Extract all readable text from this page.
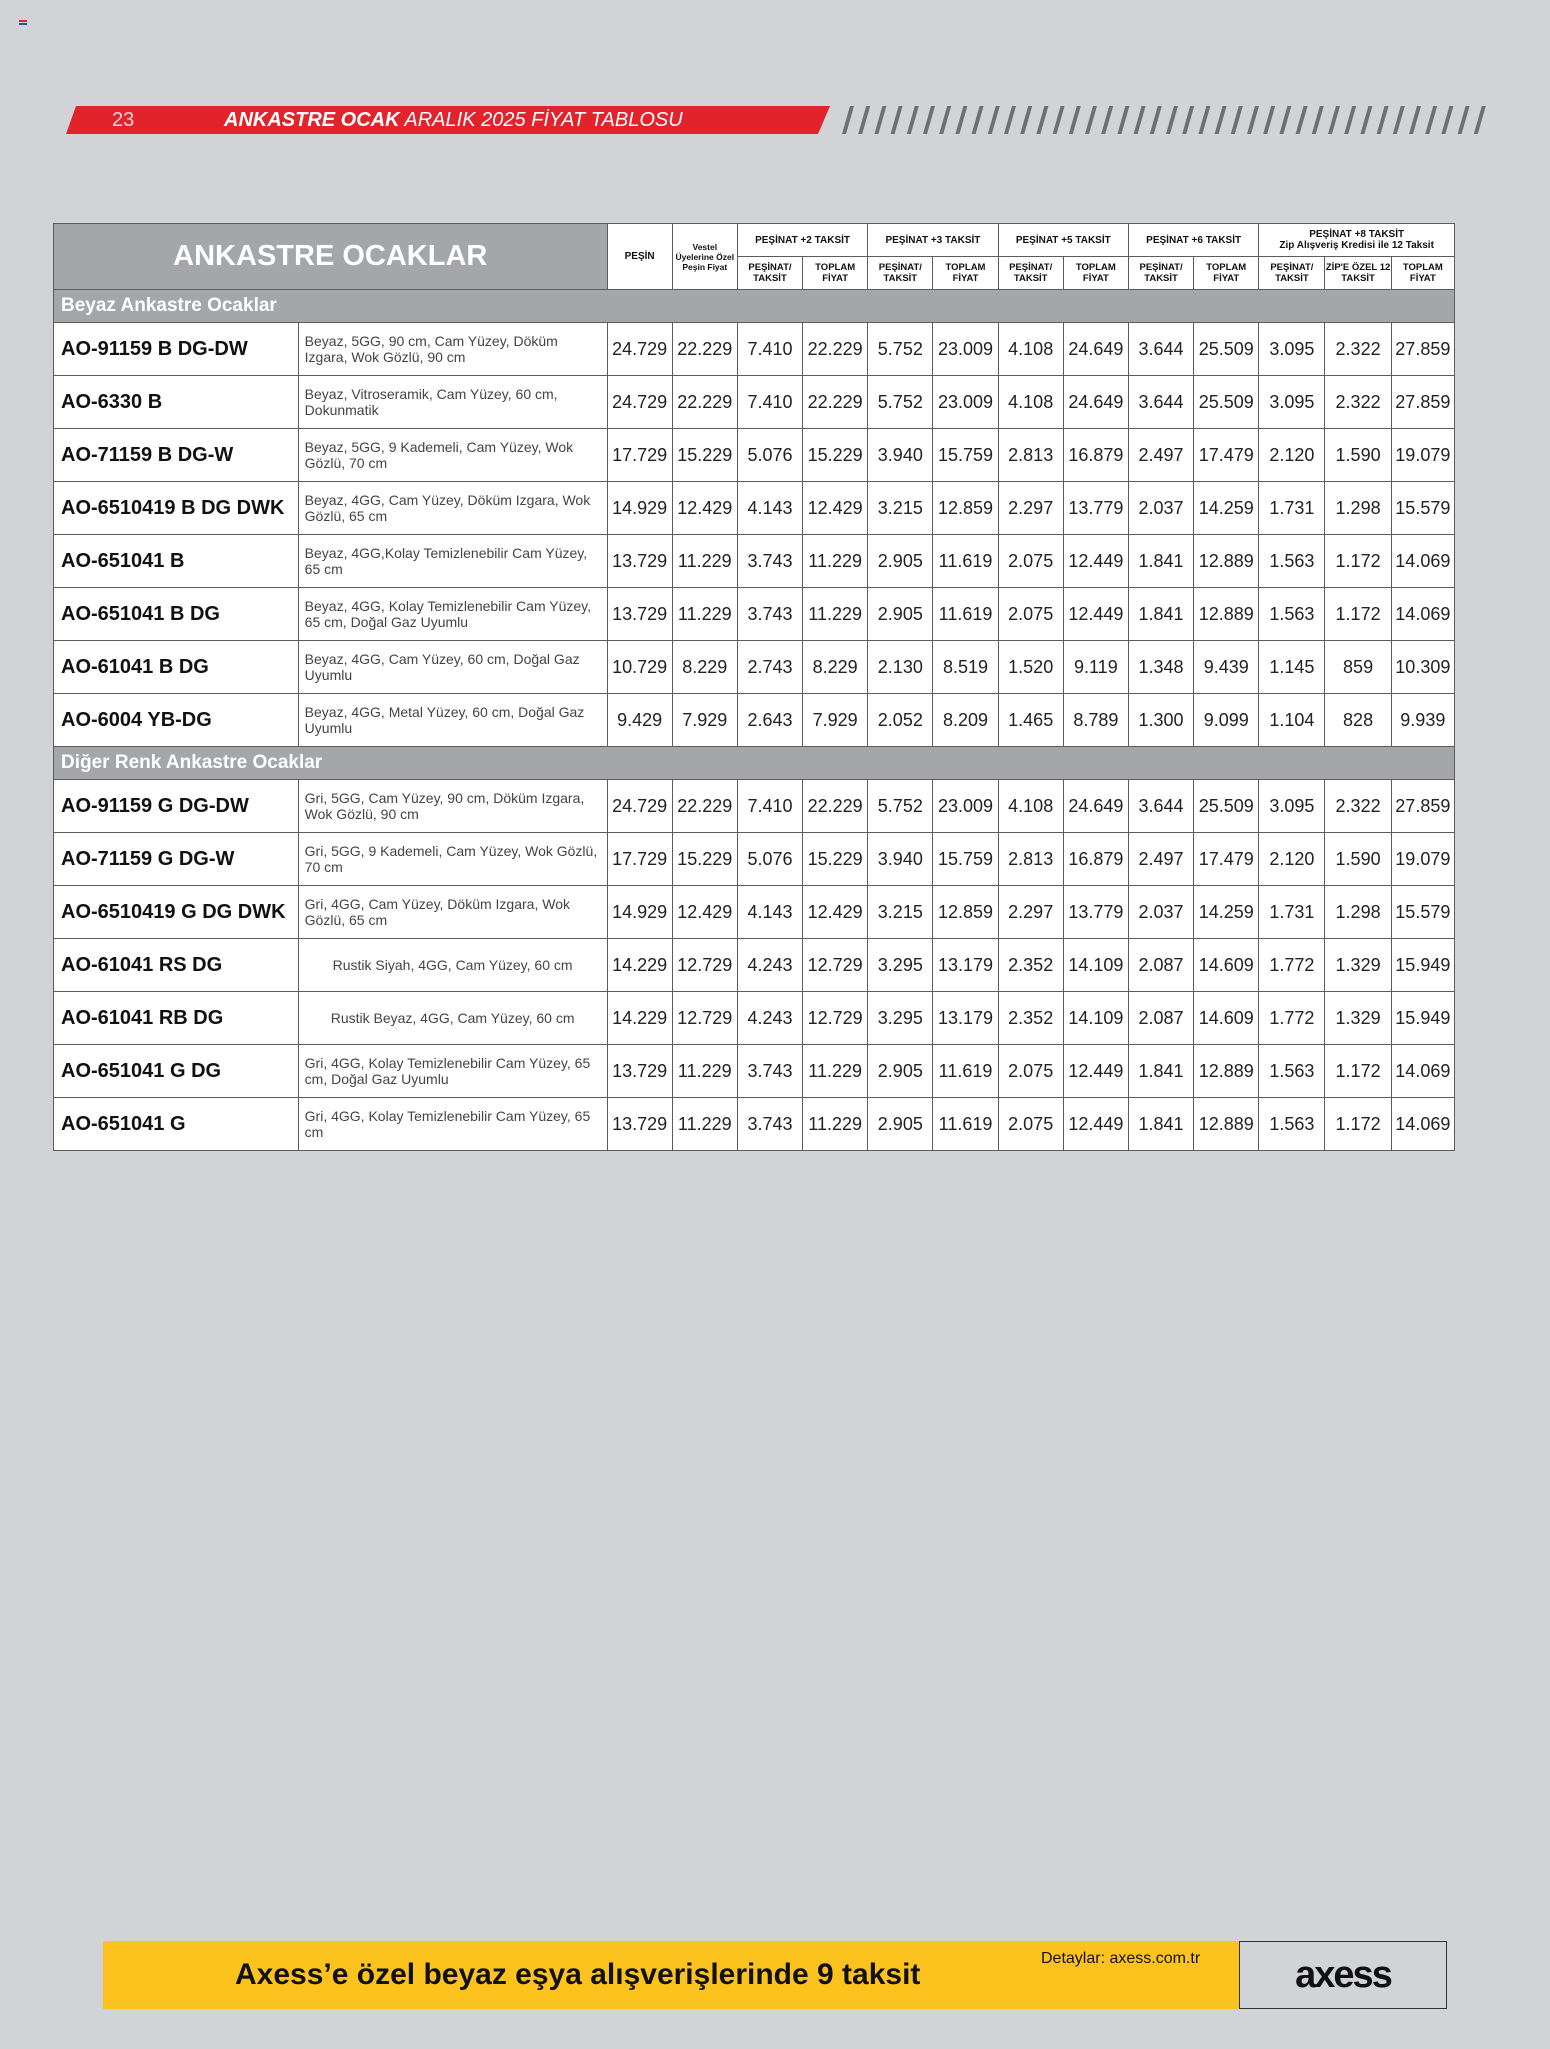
23	ANKASTRE OCAK ARALIK 2025 FİYAT TABLOSU
ANKASTRE OCAKLAR		PEŞİN	Vestel Üyelerine Özel Peşin Fiyat	PEŞİNAT +2 TAKSİT		PEŞİNAT +3 TAKSİT		PEŞİNAT +5 TAKSİT		PEŞİNAT +6 TAKSİT		PEŞİNAT +8 TAKSİT
Zip Alışveriş Kredisi ile 12 Taksit		
				PEŞİNAT/ TAKSİT	TOPLAM FİYAT	PEŞİNAT/ TAKSİT	TOPLAM FİYAT	PEŞİNAT/ TAKSİT	TOPLAM FİYAT	PEŞİNAT/ TAKSİT	TOPLAM FİYAT	PEŞİNAT/ TAKSİT	ZİP'E ÖZEL 12 TAKSİT	TOPLAM FİYAT
Beyaz Ankastre Ocaklar														
AO-91159 B DG-DW	Beyaz, 5GG, 90 cm, Cam Yüzey, Döküm Izgara, Wok Gözlü, 90 cm	24.729	22.229	7.410	22.229	5.752	23.009	4.108	24.649	3.644	25.509	3.095	2.322	27.859
AO-6330 B	Beyaz, Vitroseramik, Cam Yüzey, 60 cm, Dokunmatik	24.729	22.229	7.410	22.229	5.752	23.009	4.108	24.649	3.644	25.509	3.095	2.322	27.859
AO-71159 B DG-W	Beyaz, 5GG, 9 Kademeli, Cam Yüzey, Wok Gözlü, 70 cm	17.729	15.229	5.076	15.229	3.940	15.759	2.813	16.879	2.497	17.479	2.120	1.590	19.079
AO-6510419 B DG DWK	Beyaz, 4GG, Cam Yüzey, Döküm Izgara, Wok Gözlü, 65 cm	14.929	12.429	4.143	12.429	3.215	12.859	2.297	13.779	2.037	14.259	1.731	1.298	15.579
AO-651041 B	Beyaz, 4GG,Kolay Temizlenebilir Cam Yüzey, 65 cm	13.729	11.229	3.743	11.229	2.905	11.619	2.075	12.449	1.841	12.889	1.563	1.172	14.069
AO-651041 B DG	Beyaz, 4GG, Kolay Temizlenebilir Cam Yüzey, 65 cm, Doğal Gaz Uyumlu	13.729	11.229	3.743	11.229	2.905	11.619	2.075	12.449	1.841	12.889	1.563	1.172	14.069
AO-61041 B DG	Beyaz, 4GG, Cam Yüzey, 60 cm, Doğal Gaz Uyumlu	10.729	8.229	2.743	8.229	2.130	8.519	1.520	9.119	1.348	9.439	1.145	859	10.309
AO-6004 YB-DG	Beyaz, 4GG, Metal Yüzey, 60 cm, Doğal Gaz Uyumlu	9.429	7.929	2.643	7.929	2.052	8.209	1.465	8.789	1.300	9.099	1.104	828	9.939
Diğer Renk Ankastre Ocaklar														
AO-91159 G DG-DW	Gri, 5GG, Cam Yüzey, 90 cm, Döküm Izgara, Wok Gözlü, 90 cm	24.729	22.229	7.410	22.229	5.752	23.009	4.108	24.649	3.644	25.509	3.095	2.322	27.859
AO-71159 G DG-W	Gri, 5GG, 9 Kademeli, Cam Yüzey, Wok Gözlü, 70 cm	17.729	15.229	5.076	15.229	3.940	15.759	2.813	16.879	2.497	17.479	2.120	1.590	19.079
AO-6510419 G DG DWK	Gri, 4GG, Cam Yüzey, Döküm Izgara, Wok Gözlü, 65 cm	14.929	12.429	4.143	12.429	3.215	12.859	2.297	13.779	2.037	14.259	1.731	1.298	15.579
AO-61041 RS DG	Rustik Siyah, 4GG, Cam Yüzey, 60 cm	14.229	12.729	4.243	12.729	3.295	13.179	2.352	14.109	2.087	14.609	1.772	1.329	15.949
AO-61041 RB DG	Rustik Beyaz, 4GG, Cam Yüzey, 60 cm	14.229	12.729	4.243	12.729	3.295	13.179	2.352	14.109	2.087	14.609	1.772	1.329	15.949
AO-651041 G DG	Gri, 4GG, Kolay Temizlenebilir Cam Yüzey, 65 cm, Doğal Gaz Uyumlu	13.729	11.229	3.743	11.229	2.905	11.619	2.075	12.449	1.841	12.889	1.563	1.172	14.069
AO-651041 G	Gri, 4GG, Kolay Temizlenebilir Cam Yüzey, 65 cm	13.729	11.229	3.743	11.229	2.905	11.619	2.075	12.449	1.841	12.889	1.563	1.172	14.069
Axess’e özel beyaz eşya alışverişlerinde 9 taksit	Detaylar: axess.com.tr	axess
